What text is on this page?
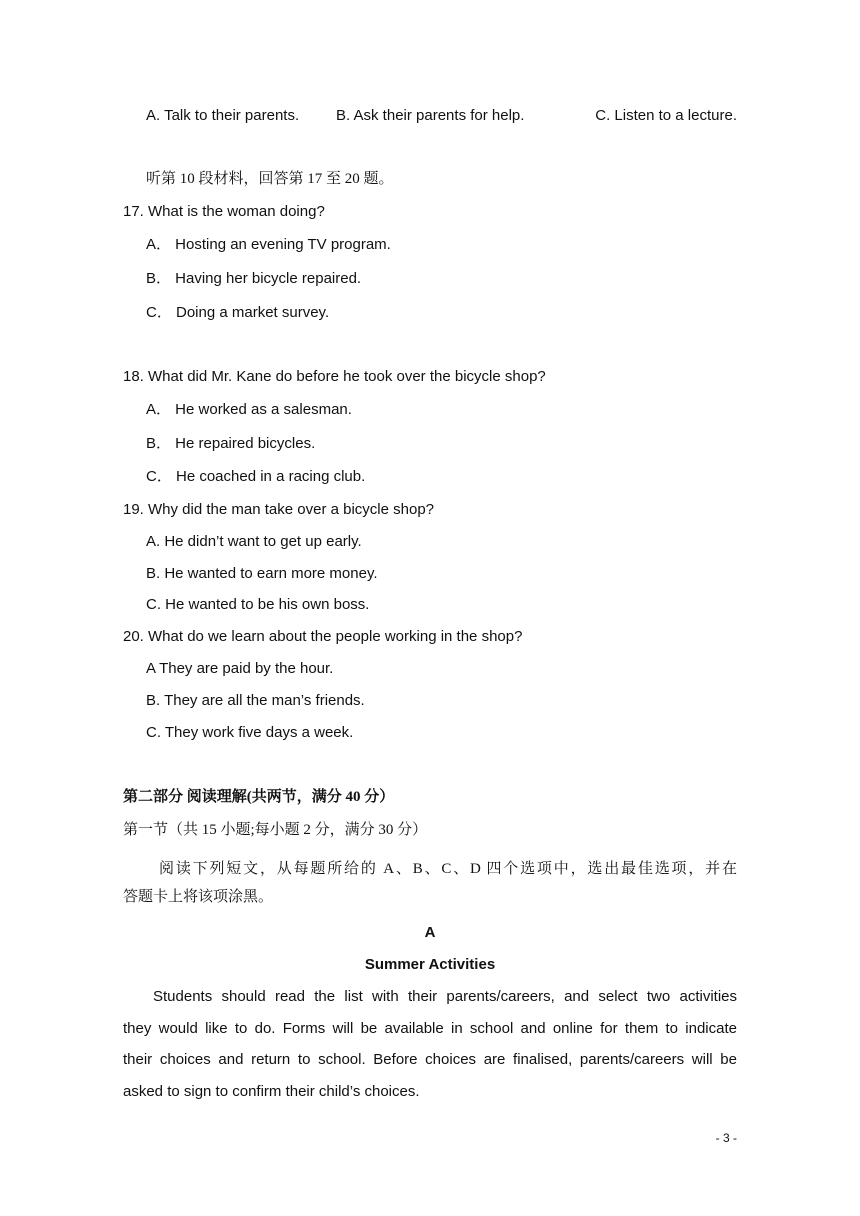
A. Talk to their parents. B. Ask their parents for help.	C. Listen to a lecture.
听第 10 段材料，回答第 17 至 20 题。
17. What is the woman doing?
A． Hosting an evening TV program.
B． Having her bicycle repaired.
C． Doing a market survey.
18. What did Mr. Kane do before he took over the bicycle shop?
A． He worked as a salesman.
B． He repaired bicycles.
C． He coached in a racing club.
19. Why did the man take over a bicycle shop?
A. He didn’t want to get up early.
B. He wanted to earn more money.
C. He wanted to be his own boss.
20. What do we learn about the people working in the shop?
A They are paid by the hour.
B. They are all the man’s friends.
C. They work five days a week.
第二部分 阅读理解(共两节，满分 40 分）
第一节（共 15 小题;每小题 2 分，满分 30 分）
阅读下列短文，从每题所给的 A、B、C、D 四个选项中，选出最佳选项，并在
答题卡上将该项涂黑。
A
Summer Activities
Students should read the list with their parents/careers, and select two activities
they would like to do. Forms will be available in school and online for them to indicate
their choices and return to school. Before choices are finalised, parents/careers will be
asked to sign to confirm their child’s choices.
- 3 -
